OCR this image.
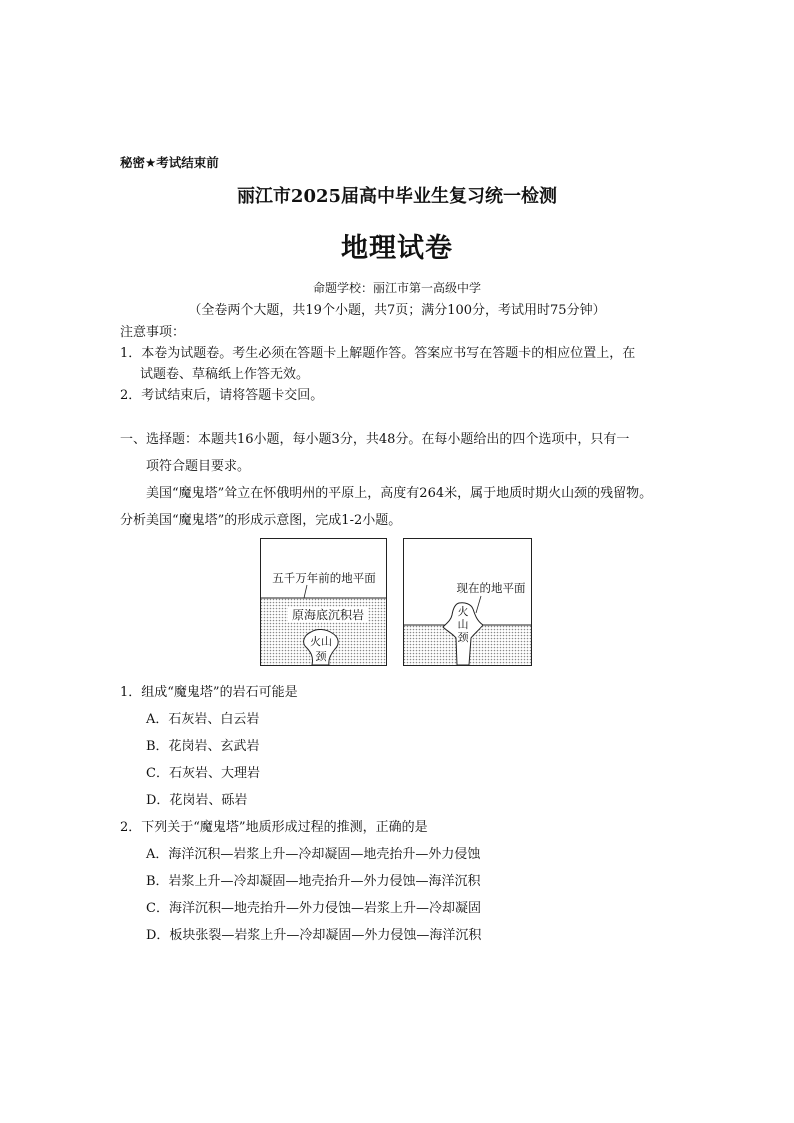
秘密★考试结束前
丽江市2025届高中毕业生复习统一检测
地理试卷
命题学校：丽江市第一高级中学
（全卷两个大题，共19个小题，共7页；满分100分，考试用时75分钟）
注意事项：
1．本卷为试题卷。考生必须在答题卡上解题作答。答案应书写在答题卡的相应位置上，在
试题卷、草稿纸上作答无效。
2．考试结束后，请将答题卡交回。
一、选择题：本题共16小题，每小题3分，共48分。在每小题给出的四个选项中，只有一
项符合题目要求。
美国“魔鬼塔”耸立在怀俄明州的平原上，高度有264米，属于地质时期火山颈的残留物。
分析美国“魔鬼塔”的形成示意图，完成1-2小题。
五千万年前的地平面
原海底沉积岩
火山
颈
现在的地平面
火
山
颈
1．组成“魔鬼塔”的岩石可能是
A．石灰岩、白云岩
B．花岗岩、玄武岩
C．石灰岩、大理岩
D．花岗岩、砾岩
2．下列关于“魔鬼塔”地质形成过程的推测，正确的是
A．海洋沉积—岩浆上升—冷却凝固—地壳抬升—外力侵蚀
B．岩浆上升—冷却凝固—地壳抬升—外力侵蚀—海洋沉积
C．海洋沉积—地壳抬升—外力侵蚀—岩浆上升—冷却凝固
D．板块张裂—岩浆上升—冷却凝固—外力侵蚀—海洋沉积
